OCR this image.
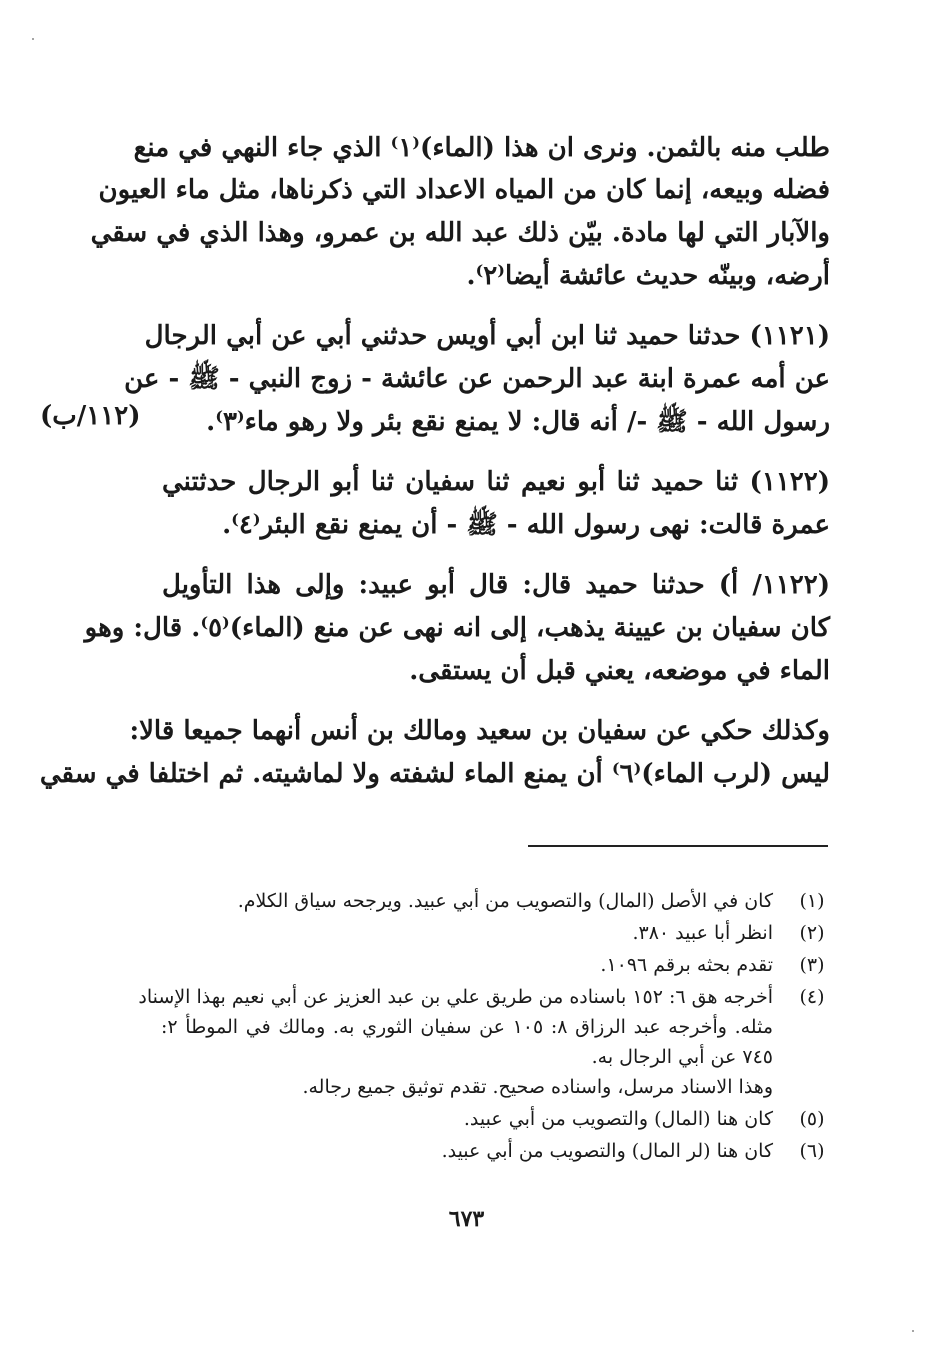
طلب منه بالثمن. ونرى ان هذا (الماء)⁽١⁾ الذي جاء النهي في منع
فضله وبيعه، إنما كان من المياه الاعداد التي ذكرناها، مثل ماء العيون
والآبار التي لها مادة. بيّن ذلك عبد الله بن عمرو، وهذا الذي في سقي
أرضه، وبينّه حديث عائشة أيضا⁽٢⁾.
(١١٢١) حدثنا حميد ثنا ابن أبي أويس حدثني أبي عن أبي الرجال
عن أمه عمرة ابنة عبد الرحمن عن عائشة - زوج النبي - ﷺ - عن
رسول الله - ﷺ -/ أنه قال: لا يمنع نقع بئر ولا رهو ماء⁽٣⁾.
(١١٢/ب)
(١١٢٢) ثنا حميد ثنا أبو نعيم ثنا سفيان ثنا أبو الرجال حدثتني
عمرة قالت: نهى رسول الله - ﷺ - أن يمنع نقع البئر⁽٤⁾.
(١١٢٢/ أ) حدثنا حميد قال: قال أبو عبيد: وإلى هذا التأويل
كان سفيان بن عيينة يذهب، إلى انه نهى عن منع (الماء)⁽٥⁾. قال: وهو
الماء في موضعه، يعني قبل أن يستقى.
وكذلك حكي عن سفيان بن سعيد ومالك بن أنس أنهما جميعا قالا:
ليس (لرب الماء)⁽٦⁾ أن يمنع الماء لشفته ولا لماشيته. ثم اختلفا في سقي
(١)
كان في الأصل (المال) والتصويب من أبي عبيد. ويرجحه سياق الكلام.
(٢)
انظر أبا عبيد ٣٨٠.
(٣)
تقدم بحثه برقم ١٠٩٦.
(٤)
أخرجه هق ٦: ١٥٢ باسناده من طريق علي بن عبد العزيز عن أبي نعيم بهذا الإسناد
مثله. وأخرجه عبد الرزاق ٨: ١٠٥ عن سفيان الثوري به. ومالك في الموطأ ٢:
٧٤٥ عن أبي الرجال به.
وهذا الاسناد مرسل، واسناده صحيح. تقدم توثيق جميع رجاله.
(٥)
كان هنا (المال) والتصويب من أبي عبيد.
(٦)
كان هنا (لر المال) والتصويب من أبي عبيد.
٦٧٣
